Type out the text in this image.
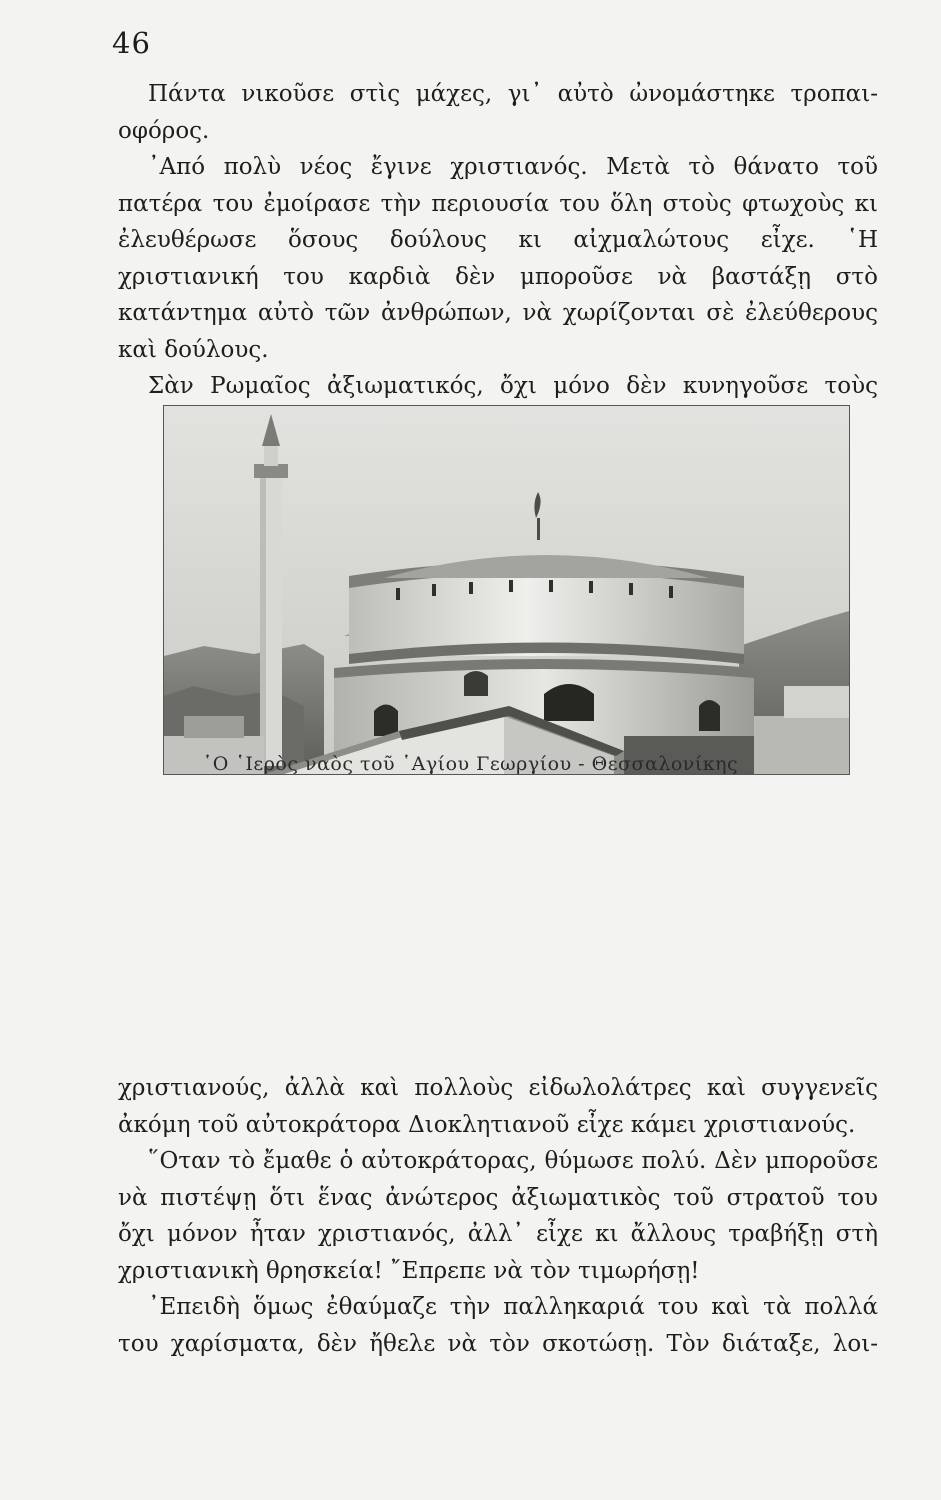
46

Πάντα νικοῦσε στὶς μάχες, γι᾽ αὐτὸ ὠνομάστηκε τροπαι-οφόρος.

᾽Από πολὺ νέος ἔγινε χριστιανός. Μετὰ τὸ θάνατο τοῦ πατέρα του ἐμοίρασε τὴν περιουσία του ὅλη στοὺς φτωχοὺς κι ἐλευθέρωσε ὅσους δούλους κι αἰχμαλώτους εἶχε. ῾Η χριστιανική του καρδιὰ δὲν μποροῦσε νὰ βαστάξῃ στὸ κατάντημα αὐτὸ τῶν ἀνθρώπων, νὰ χωρίζονται σὲ ἐλεύθερους καὶ δούλους.

Σὰν Ρωμαῖος ἀξιωματικός, ὄχι μόνο δὲν κυνηγοῦσε τοὺς

῾Ο ῾Ιερὸς ναὸς τοῦ ῾Αγίου Γεωργίου - Θεσσαλονίκης

χριστιανούς, ἀλλὰ καὶ πολλοὺς εἰδωλολάτρες καὶ συγγενεῖς ἀκόμη τοῦ αὐτοκράτορα Διοκλητιανοῦ εἶχε κάμει χριστιανούς.

῞Οταν τὸ ἔμαθε ὁ αὐτοκράτορας, θύμωσε πολύ. Δὲν μποροῦσε νὰ πιστέψῃ ὅτι ἕνας ἀνώτερος ἀξιωματικὸς τοῦ στρατοῦ του ὄχι μόνον ἦταν χριστιανός, ἀλλ᾽ εἶχε κι ἄλλους τραβήξῃ στὴ χριστιανικὴ θρησκεία! ῎Επρεπε νὰ τὸν τιμωρήσῃ!

᾽Επειδὴ ὅμως ἐθαύμαζε τὴν παλληκαριά του καὶ τὰ πολλά του χαρίσματα, δὲν ἤθελε νὰ τὸν σκοτώσῃ. Τὸν διάταξε, λοι-
